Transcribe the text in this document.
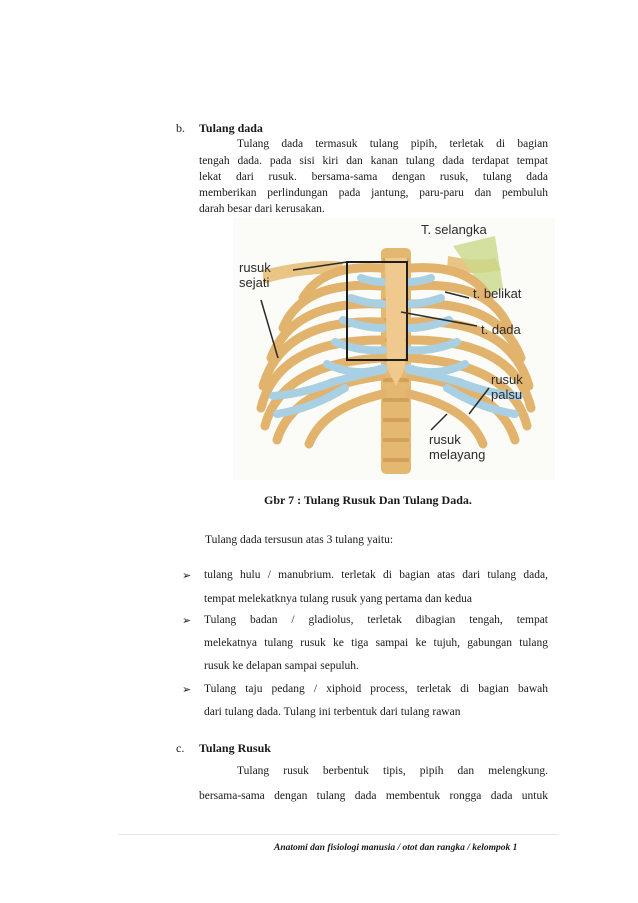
b. Tulang dada
Tulang dada termasuk tulang pipih, terletak di bagian
tengah dada. pada sisi kiri dan kanan tulang dada terdapat tempat
lekat dari rusuk. bersama-sama dengan rusuk, tulang dada
memberikan perlindungan pada jantung, paru-paru dan pembuluh
darah besar dari kerusakan.
T. selangka
rusuk
sejati
t. belikat
t. dada
rusuk
palsu
rusuk
melayang
Gbr 7 : Tulang Rusuk Dan Tulang Dada.
Tulang dada tersusun atas 3 tulang yaitu:
➢ tulang hulu / manubrium. terletak di bagian atas dari tulang dada,
tempat melekatknya tulang rusuk yang pertama dan kedua
➢ Tulang badan / gladiolus, terletak dibagian tengah, tempat
melekatnya tulang rusuk ke tiga sampai ke tujuh, gabungan tulang
rusuk ke delapan sampai sepuluh.
➢ Tulang taju pedang / xiphoid process, terletak di bagian bawah
dari tulang dada. Tulang ini terbentuk dari tulang rawan
c. Tulang Rusuk
Tulang rusuk berbentuk tipis, pipih dan melengkung.
bersama-sama dengan tulang dada membentuk rongga dada untuk
Anatomi dan fisiologi manusia / otot dan rangka / kelompok 1
